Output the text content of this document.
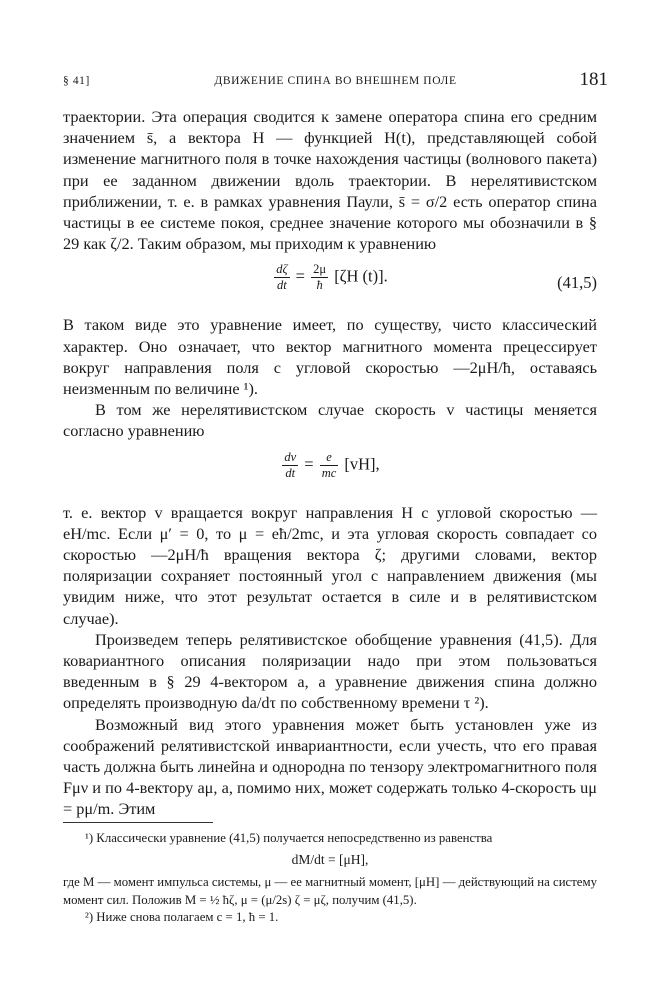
§ 41]	ДВИЖЕНИЕ СПИНА ВО ВНЕШНЕМ ПОЛЕ	181

траектории. Эта операция сводится к замене оператора спина его средним значением s̄, а вектора H — функцией H(t), представляющей собой изменение магнитного поля в точке нахождения частицы (волнового пакета) при ее заданном движении вдоль траектории. В нерелятивистском приближении, т. е. в рамках уравнения Паули, s̄ = σ/2 есть оператор спина частицы в ее системе покоя, среднее значение которого мы обозначили в § 29 как ζ/2. Таким образом, мы приходим к уравнению

$\frac{d\zeta}{dt} = \frac{2\mu}{ħ} [\zeta H$ (t)].	(41,5)

В таком виде это уравнение имеет, по существу, чисто классический характер. Оно означает, что вектор магнитного момента прецессирует вокруг направления поля с угловой скоростью —2μH/ħ, оставаясь неизменным по величине ¹).

В том же нерелятивистском случае скорость v частицы меняется согласно уравнению

$\frac{dv}{dt} = \frac{e}{mc} [vH]$,

т. е. вектор v вращается вокруг направления H с угловой скоростью — eH/mc. Если μ′ = 0, то μ = eħ/2mc, и эта угловая скорость совпадает со скоростью —2μH/ħ вращения вектора ζ; другими словами, вектор поляризации сохраняет постоянный угол с направлением движения (мы увидим ниже, что этот результат остается в силе и в релятивистском случае).

Произведем теперь релятивистское обобщение уравнения (41,5). Для ковариантного описания поляризации надо при этом пользоваться введенным в § 29 4-вектором a, а уравнение движения спина должно определять производную da/dτ по собственному времени τ ²).

Возможный вид этого уравнения может быть установлен уже из соображений релятивистской инвариантности, если учесть, что его правая часть должна быть линейна и однородна по тензору электромагнитного поля Fμν и по 4-вектору aμ, а, помимо них, может содержать только 4-скорость uμ = pμ/m. Этим

¹) Классически уравнение (41,5) получается непосредственно из равенства

dM/dt = [μH],

где M — момент импульса системы, μ — ее магнитный момент, [μH] — действующий на систему момент сил. Положив M = ½ ħζ, μ = (μ/2s) ζ = μζ, получим (41,5).

²) Ниже снова полагаем c = 1, ħ = 1.
